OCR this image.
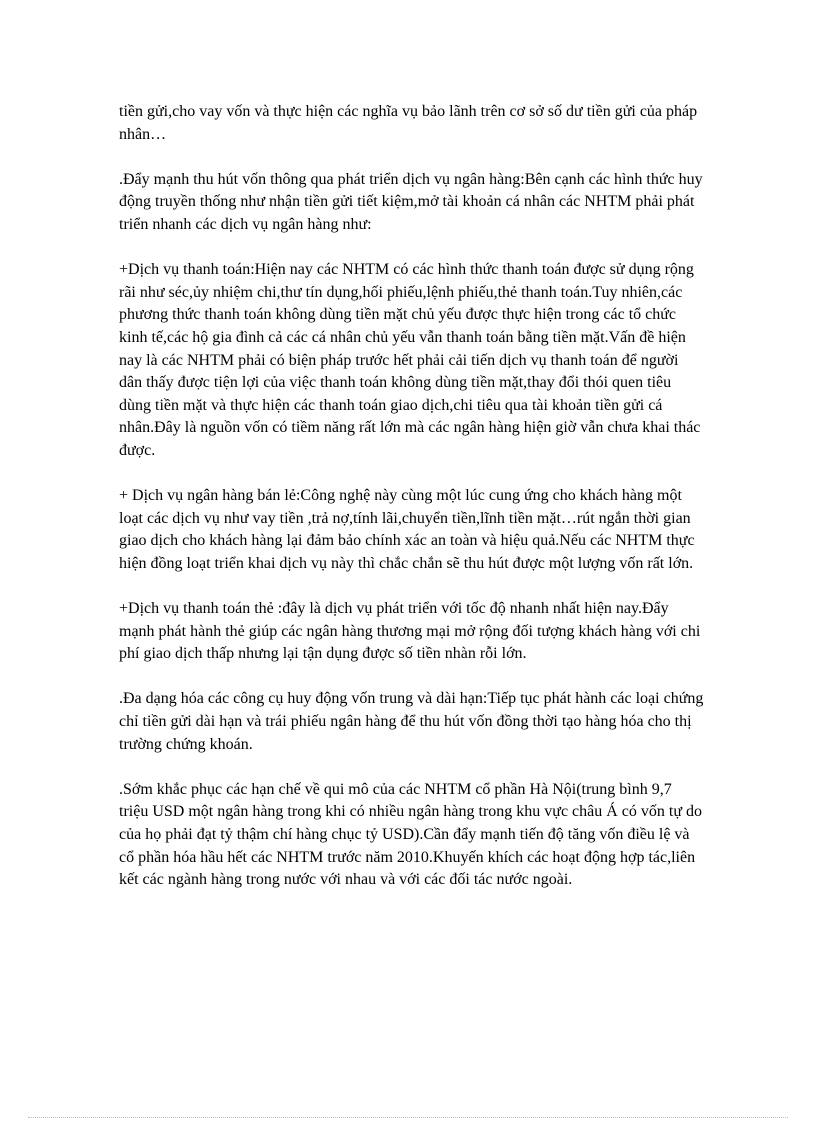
tiền gửi,cho vay vốn và thực hiện các nghĩa vụ bảo lãnh trên cơ sở số dư tiền gửi của pháp nhân…

.Đẩy mạnh thu hút vốn thông qua phát triển dịch vụ ngân hàng:Bên cạnh các hình thức huy động truyền thống như nhận tiền gửi tiết kiệm,mở tài khoản cá nhân các NHTM phải phát triển nhanh các dịch vụ ngân hàng như:

+Dịch vụ thanh toán:Hiện nay các NHTM có các hình thức thanh toán được sử dụng rộng rãi như séc,ủy nhiệm chi,thư tín dụng,hối phiếu,lệnh phiếu,thẻ thanh toán.Tuy nhiên,các phương thức thanh toán không dùng tiền mặt chủ yếu được thực hiện trong các tổ chức kinh tế,các hộ gia đình cả các cá nhân chủ yếu vẫn thanh toán bằng tiền mặt.Vấn đề hiện nay là các NHTM phải có biện pháp trước hết phải cải tiến dịch vụ thanh toán để người dân thấy được tiện lợi của việc thanh toán không dùng tiền mặt,thay đổi thói quen tiêu dùng tiền mặt và thực hiện các thanh toán giao dịch,chi tiêu qua tài khoản tiền gửi cá nhân.Đây là nguồn vốn có tiềm năng rất lớn mà các ngân hàng hiện giờ vẫn chưa khai thác được.

+ Dịch vụ ngân hàng bán lẻ:Công nghệ này cùng một lúc cung ứng cho khách hàng một loạt các dịch vụ như vay tiền ,trả nợ,tính lãi,chuyển tiền,lĩnh tiền mặt…rút ngắn thời gian giao dịch cho khách hàng lại đảm bảo chính xác an toàn và hiệu quả.Nếu các NHTM thực hiện đồng loạt triển khai dịch vụ này thì chắc chắn sẽ thu hút được một lượng vốn rất lớn.

+Dịch vụ thanh toán thẻ :đây là dịch vụ phát triển với tốc độ nhanh nhất hiện nay.Đẩy mạnh phát hành thẻ giúp các ngân hàng thương mại mở rộng đối tượng khách hàng với chi phí giao dịch thấp nhưng lại tận dụng được số tiền nhàn rỗi lớn.

.Đa dạng hóa các công cụ huy động vốn trung và dài hạn:Tiếp tục phát hành các loại chứng chỉ tiền gửi dài hạn và trái phiếu ngân hàng để thu hút vốn đồng thời tạo hàng hóa cho thị trường chứng khoán.

.Sớm khắc phục các hạn chế về qui mô của các NHTM cổ phần Hà Nội(trung bình 9,7 triệu USD một ngân hàng trong khi có nhiều ngân hàng trong khu vực châu Á có vốn tự do của họ phải đạt tỷ thậm chí hàng chục tỷ USD).Cần đẩy mạnh tiến độ tăng vốn điều lệ và cổ phần hóa hầu hết các NHTM trước năm 2010.Khuyến khích các hoạt động hợp tác,liên kết các ngành hàng trong nước với nhau và với các đối tác nước ngoài.
